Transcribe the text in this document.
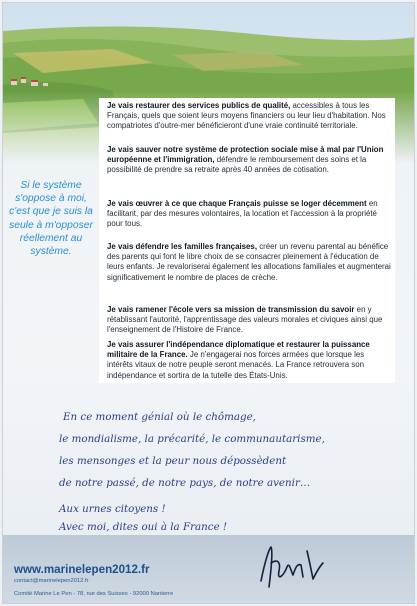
Je vais restaurer des services publics de qualité, accessibles à tous les Français, quels que soient leurs moyens financiers ou leur lieu d'habitation. Nos compatriotes d'outre-mer bénéficieront d'une vraie continuité territoriale.
Je vais sauver notre système de protection sociale mise à mal par l'Union européenne et l'immigration, défendre le remboursement des soins et la possibilité de prendre sa retraite après 40 années de cotisation.
Je vais œuvrer à ce que chaque Français puisse se loger décemment en facilitant, par des mesures volontaires, la location et l'accession à la propriété pour tous.
Je vais défendre les familles françaises, créer un revenu parental au bénéfice des parents qui font le libre choix de se consacrer pleinement à l'éducation de leurs enfants. Je revaloriserai également les allocations familiales et augmenterai significativement le nombre de places de crèche.
Je vais ramener l'école vers sa mission de transmission du savoir en y rétablissant l'autorité, l'apprentissage des valeurs morales et civiques ainsi que l'enseignement de l'Histoire de France.
Je vais assurer l'indépendance diplomatique et restaurer la puissance militaire de la France. Je n'engagerai nos forces armées que lorsque les intérêts vitaux de notre peuple seront menacés. La France retrouvera son indépendance et sortira de la tutelle des États-Unis.
Si le système s'oppose à moi, c'est que je suis la seule à m'opposer réellement au système.
En ce moment génial où le chômage,
le mondialisme, la précarité, le communautarisme,
les mensonges et la peur nous dépossèdent
de notre passé, de notre pays, de notre avenir…
Aux urnes citoyens !
Avec moi, dites oui à la France !
www.marinelepen2012.fr
contact@marinelepen2012.fr
Comité Marine Le Pen - 78, rue des Suisses - 92000 Nanterre
